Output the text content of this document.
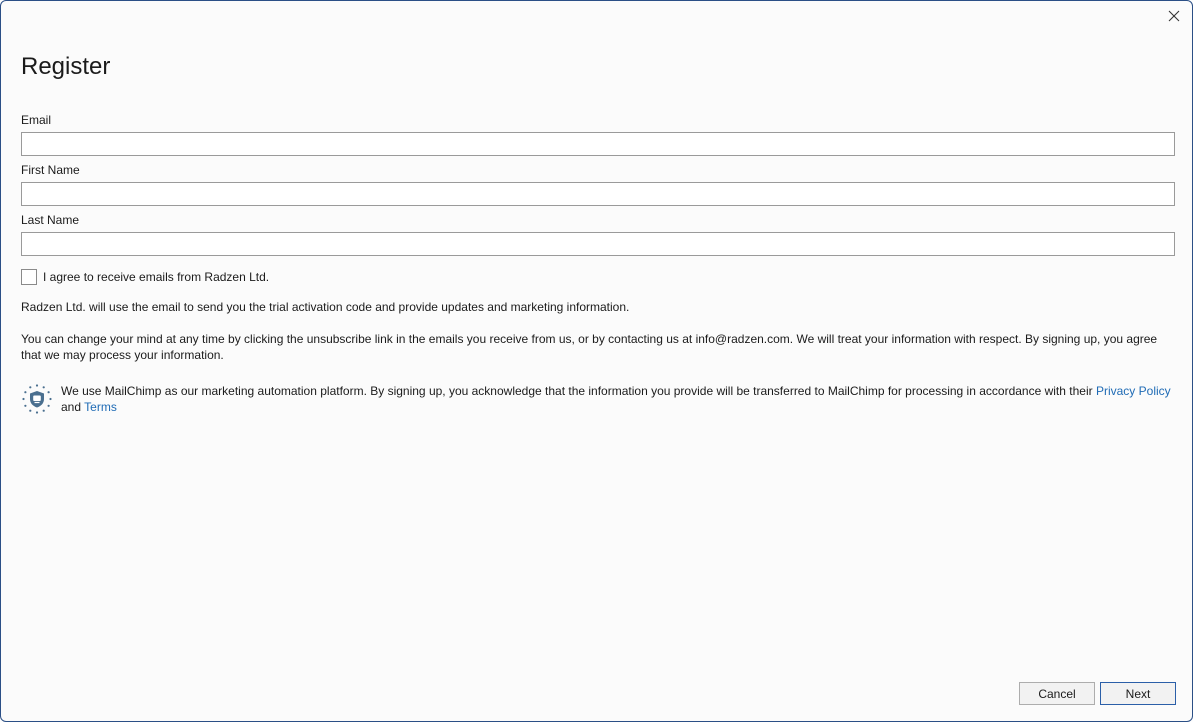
Register
Email
First Name
Last Name
I agree to receive emails from Radzen Ltd.

Radzen Ltd. will use the email to send you the trial activation code and provide updates and marketing information.

You can change your mind at any time by clicking the unsubscribe link in the emails you receive from us, or by contacting us at info@radzen.com. We will treat your information with respect. By signing up, you agree that we may process your information.

We use MailChimp as our marketing automation platform. By signing up, you acknowledge that the information you provide will be transferred to MailChimp for processing in accordance with their Privacy Policy
and Terms
Cancel	Next
